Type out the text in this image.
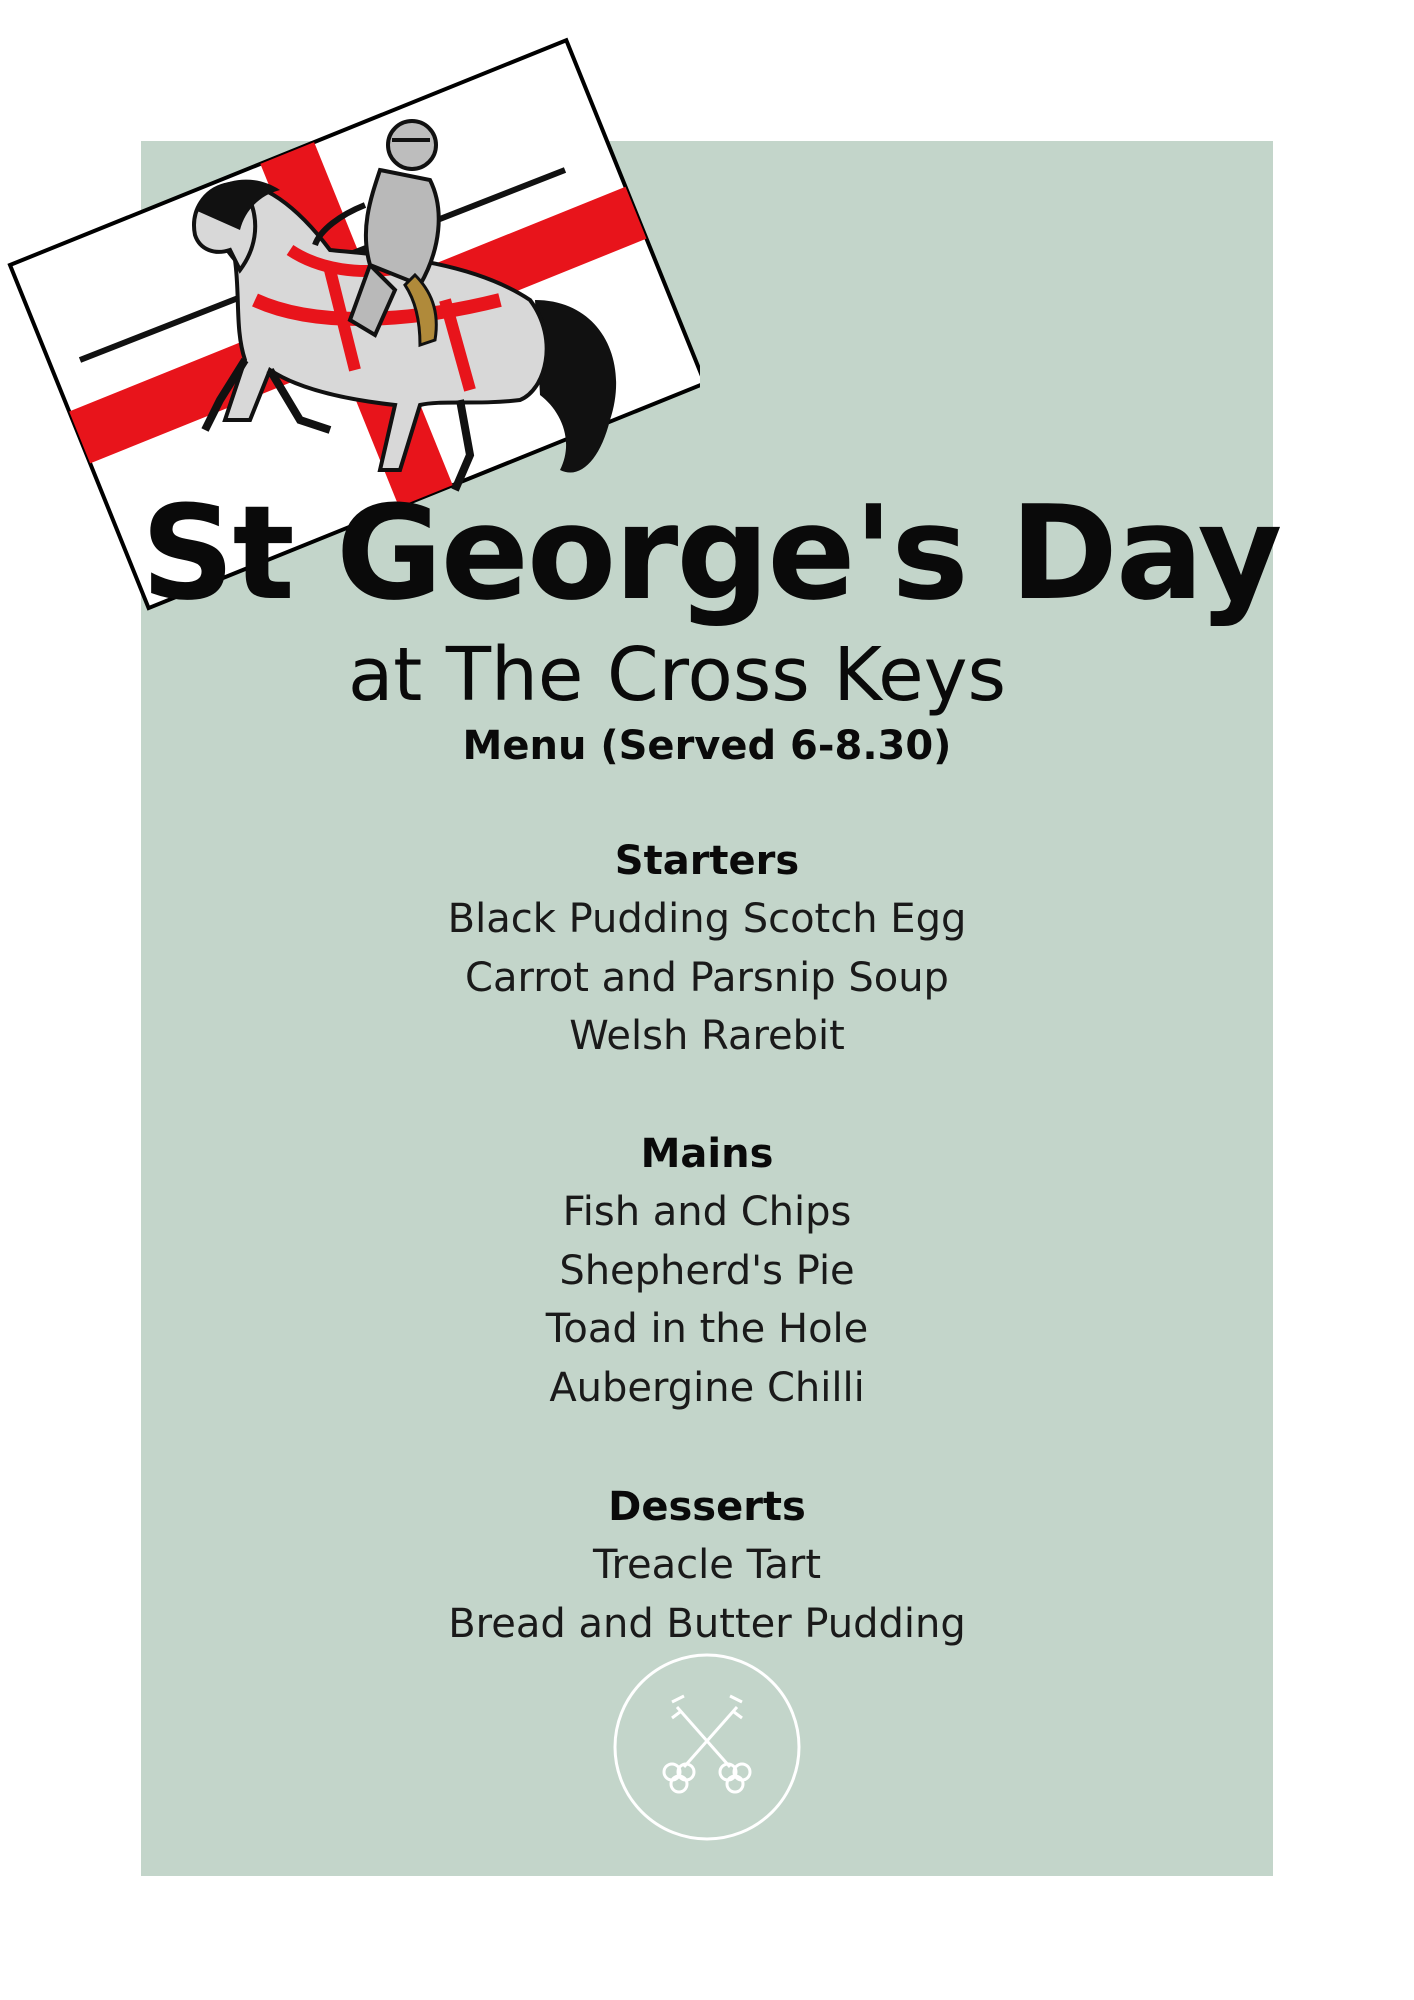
St George's Day
at The Cross Keys
Menu (Served 6-8.30)
Starters
Black Pudding Scotch Egg
Carrot and Parsnip Soup
Welsh Rarebit
Mains
Fish and Chips
Shepherd's Pie
Toad in the Hole
Aubergine Chilli
Desserts
Treacle Tart
Bread and Butter Pudding
